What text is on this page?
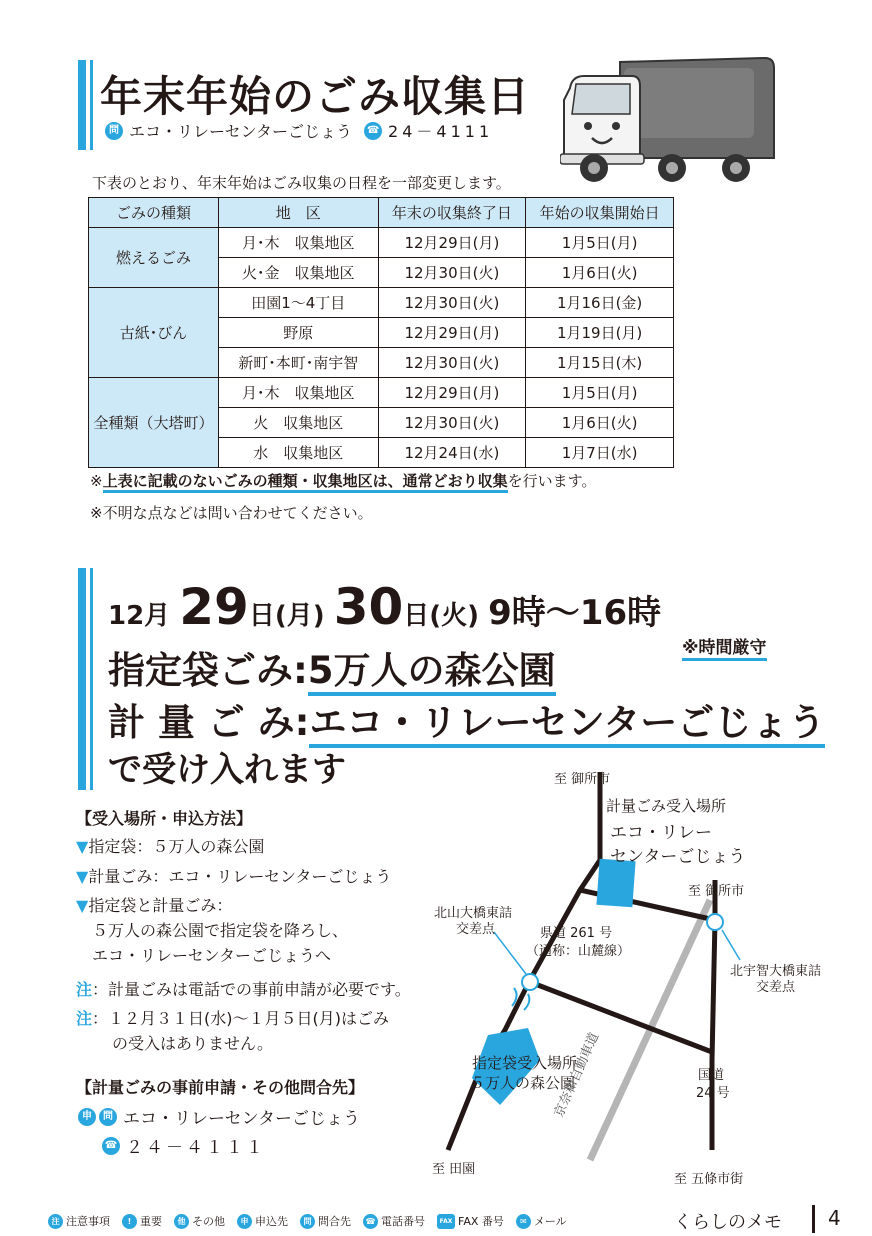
年末年始のごみ収集日
問 エコ・リレーセンターごじょう ☎ 24－4111
下表のとおり、年末年始はごみ収集の日程を一部変更します。
ごみの種類	地　区	年末の収集終了日	年始の収集開始日
燃えるごみ	月･木　収集地区	12月29日(月)	1月5日(月)
	火･金　収集地区	12月30日(火)	1月6日(火)
古紙･びん	田園1～4丁目	12月30日(火)	1月16日(金)
	野原	12月29日(月)	1月19日(月)
	新町･本町･南宇智	12月30日(火)	1月15日(木)
全種類（大塔町）	月･木　収集地区	12月29日(月)	1月5日(月)
	火　収集地区	12月30日(火)	1月6日(火)
	水　収集地区	12月24日(水)	1月7日(水)
※上表に記載のないごみの種類・収集地区は、通常どおり収集を行います。
※不明な点などは問い合わせてください。
12月 29日(月) 30日(火) 9時～16時
※時間厳守
指定袋ごみ:5万人の森公園
計 量 ご み:エコ・リレーセンターごじょう
で受け入れます
【受入場所・申込方法】
▼指定袋：５万人の森公園
▼計量ごみ：エコ・リレーセンターごじょう
▼指定袋と計量ごみ：
５万人の森公園で指定袋を降ろし、
エコ・リレーセンターごじょうへ
注：計量ごみは電話での事前申請が必要です。
注：１２月３１日(水)～１月５日(月)はごみ
の受入はありません。
【計量ごみの事前申請・その他問合先】
申	問 エコ・リレーセンターごじょう
☎ ２４－４１１１
至 御所市
計量ごみ受入場所
エコ・リレー
センターごじょう
至 御所市
北山大橋東詰
交差点	県道 261 号
（通称：山麓線）
北宇智大橋東詰
交差点
指定袋受入場所
５万人の森公園	国道
24 号
京奈和自動車道
至 田園
至 五條市街
注 注意事項	! 重要	他 その他	申 申込先	問 問合先	☎ 電話番号	FAX FAX 番号	✉ メール	くらしのメモ 4
